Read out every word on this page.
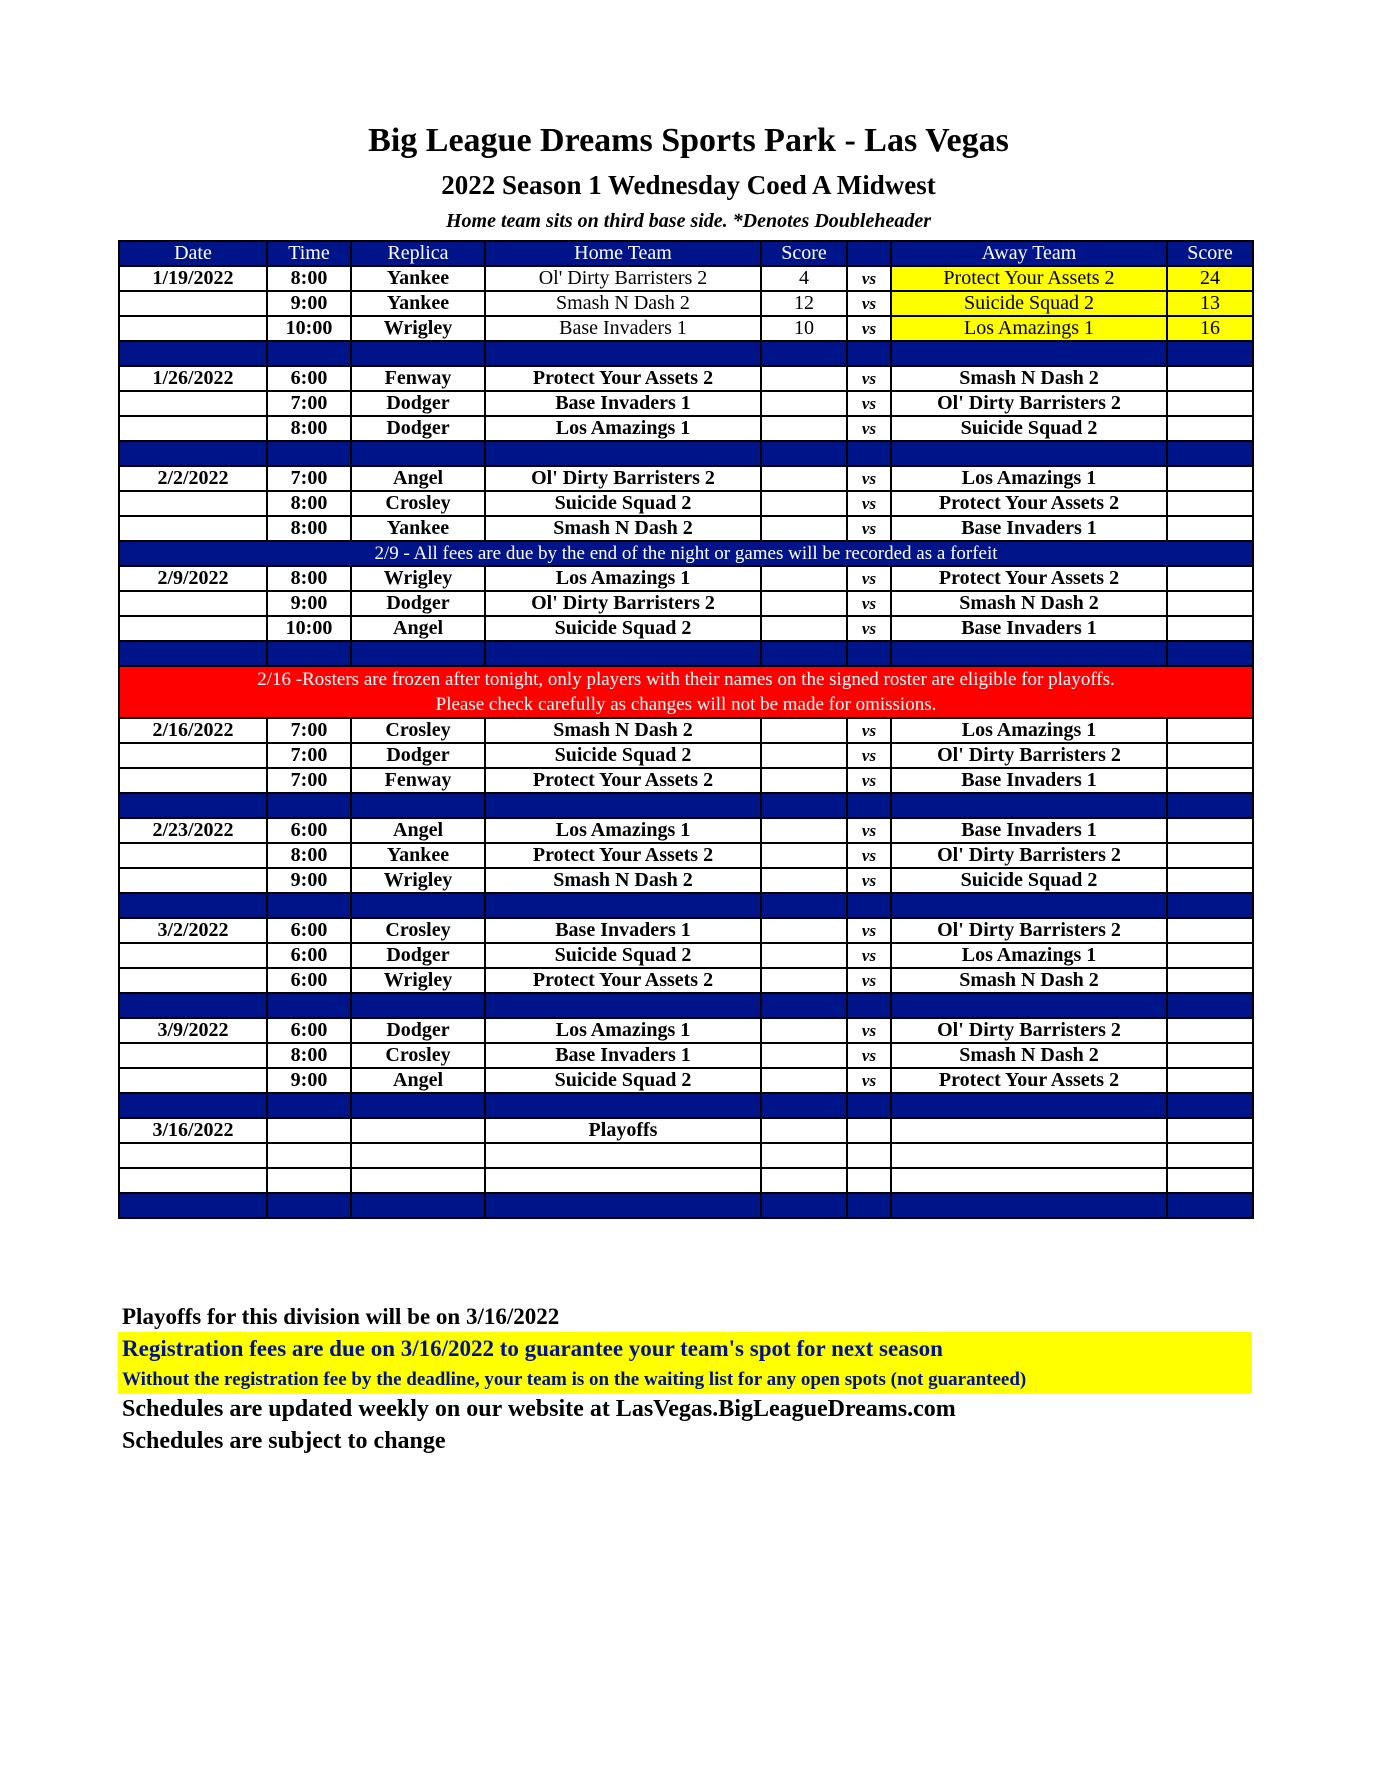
Big League Dreams Sports Park - Las Vegas
2022 Season 1 Wednesday Coed A Midwest
Home team sits on third base side. *Denotes Doubleheader
Date	Time	Replica	Home Team	Score		Away Team	Score
1/19/2022	8:00	Yankee	Ol' Dirty Barristers 2	4	vs	Protect Your Assets 2	24
	9:00	Yankee	Smash N Dash 2	12	vs	Suicide Squad 2	13
	10:00	Wrigley	Base Invaders 1	10	vs	Los Amazings 1	16

1/26/2022	6:00	Fenway	Protect Your Assets 2		vs	Smash N Dash 2	
	7:00	Dodger	Base Invaders 1		vs	Ol' Dirty Barristers 2	
	8:00	Dodger	Los Amazings 1		vs	Suicide Squad 2	

2/2/2022	7:00	Angel	Ol' Dirty Barristers 2		vs	Los Amazings 1	
	8:00	Crosley	Suicide Squad 2		vs	Protect Your Assets 2	
	8:00	Yankee	Smash N Dash 2		vs	Base Invaders 1	
2/9 - All fees are due by the end of the night or games will be recorded as a forfeit							
2/9/2022	8:00	Wrigley	Los Amazings 1		vs	Protect Your Assets 2	
	9:00	Dodger	Ol' Dirty Barristers 2		vs	Smash N Dash 2	
	10:00	Angel	Suicide Squad 2		vs	Base Invaders 1	

2/16 -Rosters are frozen after tonight, only players with their names on the signed roster are eligible for playoffs.
Please check carefully as changes will not be made for omissions.							

2/16/2022	7:00	Crosley	Smash N Dash 2		vs	Los Amazings 1	
	7:00	Dodger	Suicide Squad 2		vs	Ol' Dirty Barristers 2	
	7:00	Fenway	Protect Your Assets 2		vs	Base Invaders 1	

2/23/2022	6:00	Angel	Los Amazings 1		vs	Base Invaders 1	
	8:00	Yankee	Protect Your Assets 2		vs	Ol' Dirty Barristers 2	
	9:00	Wrigley	Smash N Dash 2		vs	Suicide Squad 2	

3/2/2022	6:00	Crosley	Base Invaders 1		vs	Ol' Dirty Barristers 2	
	6:00	Dodger	Suicide Squad 2		vs	Los Amazings 1	
	6:00	Wrigley	Protect Your Assets 2		vs	Smash N Dash 2	

3/9/2022	6:00	Dodger	Los Amazings 1		vs	Ol' Dirty Barristers 2	
	8:00	Crosley	Base Invaders 1		vs	Smash N Dash 2	
	9:00	Angel	Suicide Squad 2		vs	Protect Your Assets 2	

3/16/2022			Playoffs				

Playoffs for this division will be on 3/16/2022
Registration fees are due on 3/16/2022 to guarantee your team's spot for next season
Without the registration fee by the deadline, your team is on the waiting list for any open spots (not guaranteed)
Schedules are updated weekly on our website at LasVegas.BigLeagueDreams.com
Schedules are subject to change
